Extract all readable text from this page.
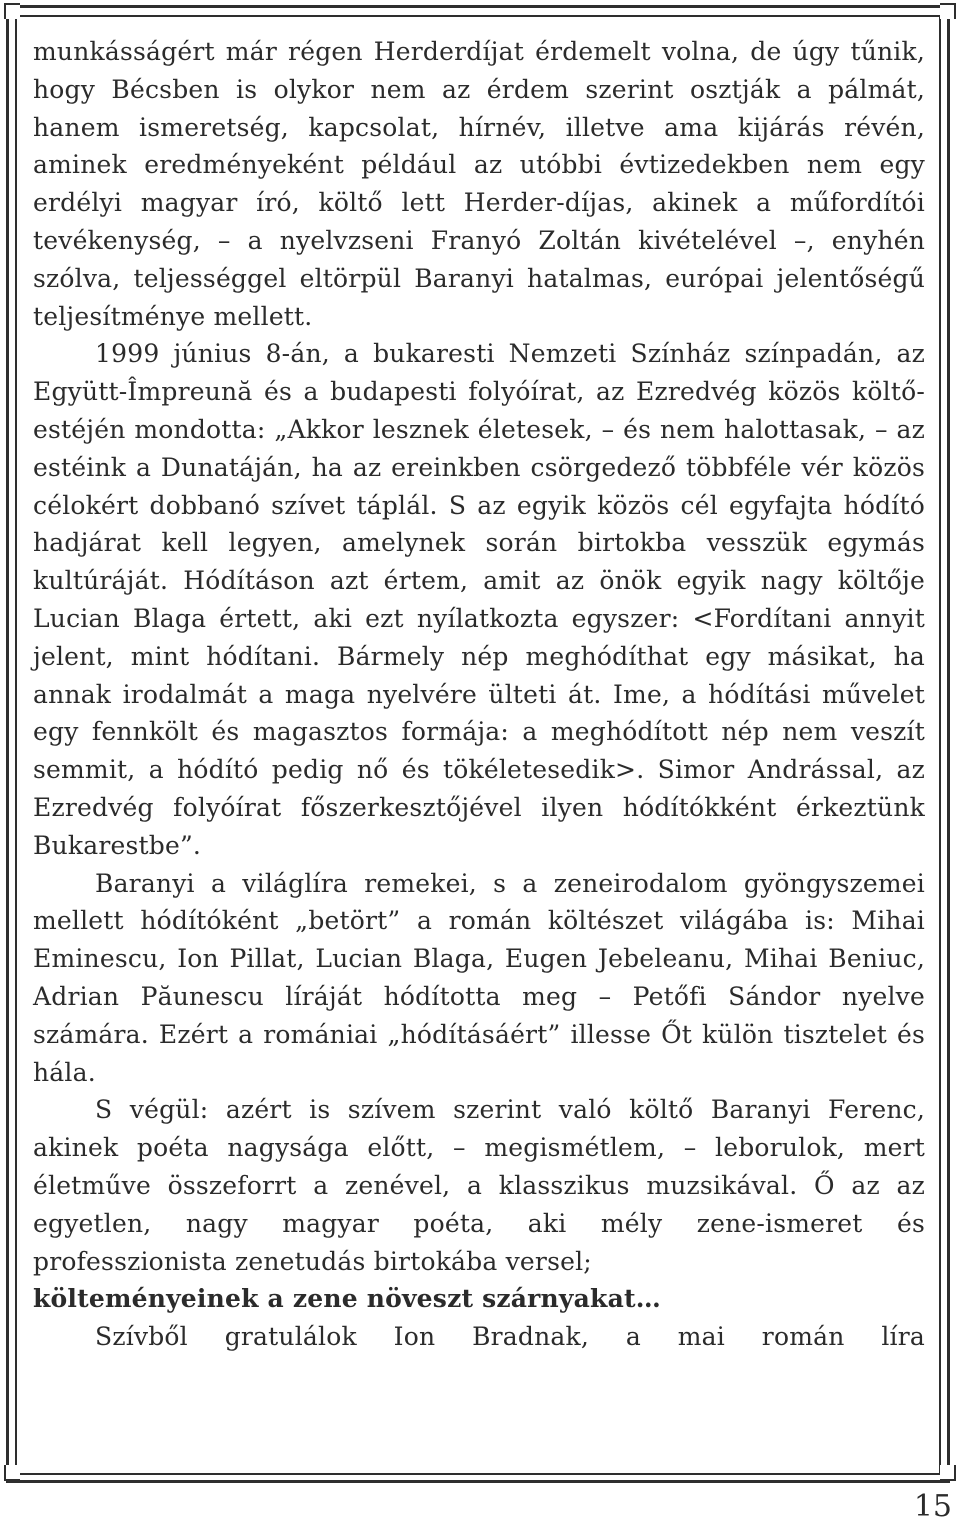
munkásságért már régen Herderdíjat érdemelt volna, de úgy tűnik, hogy Bécsben is olykor nem az érdem szerint osztják a pálmát, hanem ismeretség, kapcsolat, hírnév, illetve ama kijárás révén, aminek eredményeként például az utóbbi évtizedekben nem egy erdélyi magyar író, költő lett Herder-díjas, akinek a műfordítói tevékenység, – a nyelvzseni Franyó Zoltán kivételével –, enyhén szólva, teljességgel eltörpül Baranyi hatalmas, európai jelentőségű teljesítménye mellett.

1999 június 8-án, a bukaresti Nemzeti Színház színpadán, az Együtt-Împreună és a budapesti folyóírat, az Ezredvég közös költő-estéjén mondotta: „Akkor lesznek életesek, – és nem halottasak, – az estéink a Dunatáján, ha az ereinkben csörgedező többféle vér közös célokért dobbanó szívet táplál. S az egyik közös cél egyfajta hódító hadjárat kell legyen, amelynek során birtokba vesszük egymás kultúráját. Hódításon azt értem, amit az önök egyik nagy költője Lucian Blaga értett, aki ezt nyílatkozta egyszer: <Fordítani annyit jelent, mint hódítani. Bármely nép meghódíthat egy másikat, ha annak irodalmát a maga nyelvére ülteti át. Ime, a hódítási művelet egy fennkölt és magasztos formája: a meghódított nép nem veszít semmit, a hódító pedig nő és tökéletesedik>. Simor Andrással, az Ezredvég folyóírat főszerkesztőjével ilyen hódítókként érkeztünk Bukarestbe”.

Baranyi a világlíra remekei, s a zeneirodalom gyöngyszemei mellett hódítóként „betört” a román költészet világába is: Mihai Eminescu, Ion Pillat, Lucian Blaga, Eugen Jebeleanu, Mihai Beniuc, Adrian Păunescu líráját hódította meg – Petőfi Sándor nyelve számára. Ezért a romániai „hódításáért” illesse Őt külön tisztelet és hála.

S végül: azért is szívem szerint való költő Baranyi Ferenc, akinek poéta nagysága előtt, – megismétlem, – leborulok, mert életműve összeforrt a zenével, a klasszikus muzsikával. Ő az az egyetlen, nagy magyar poéta, aki mély zene-ismeret és professzionista zenetudás birtokába versel;
költeményeinek a zene növeszt szárnyakat…

Szívből gratulálok Ion Bradnak, a mai román líra

15
